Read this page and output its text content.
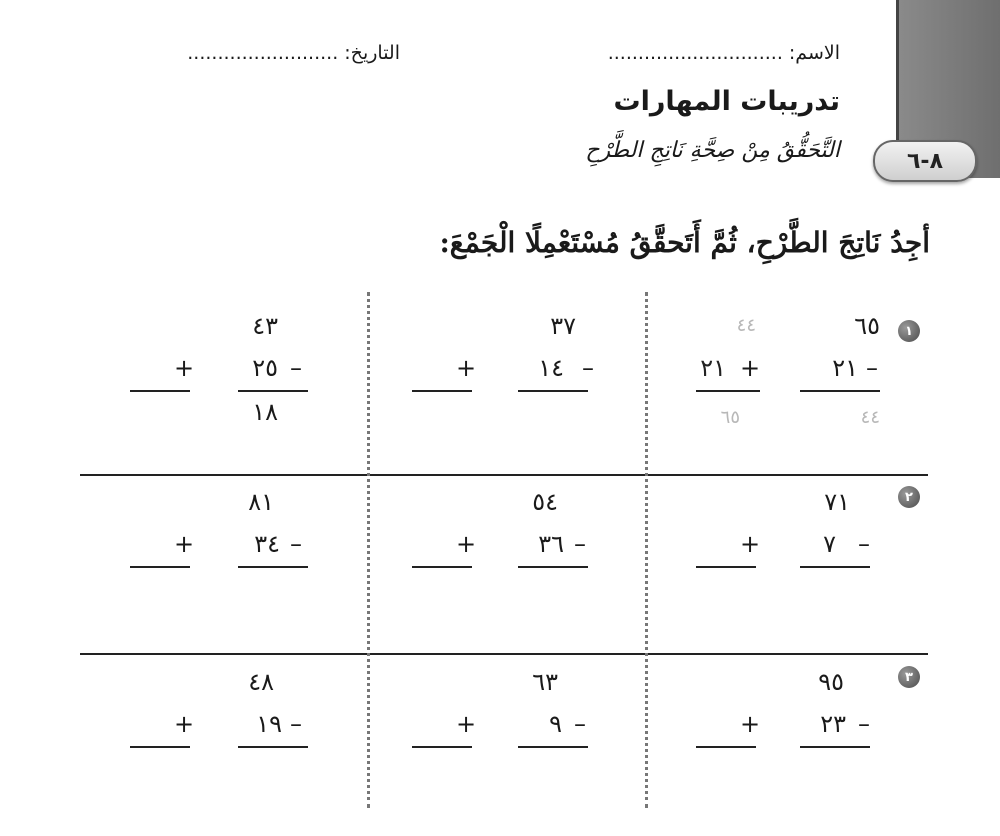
٨-٦
الاسم: .............................
التاريخ: .........................
تدريبات المهارات
التَّحَقُّقُ مِنْ صِحَّةِ نَاتِجِ الطَّرْحِ
أجِدُ نَاتِجَ الطَّرْحِ، ثُمَّ أَتَحقَّقُ مُسْتَعْمِلًا الْجَمْعَ:
١
٦٥
–
٢١
٤٤
٤٤
٢١ +
٦٥
٣٧
–
١٤
+
٤٣
–
٢٥
١٨
+
٢
٧١
–
٧
+
٥٤
–
٣٦
+
٨١
–
٣٤
+
٣
٩٥
–
٢٣
+
٦٣
–
٩
+
٤٨
–
١٩
+
